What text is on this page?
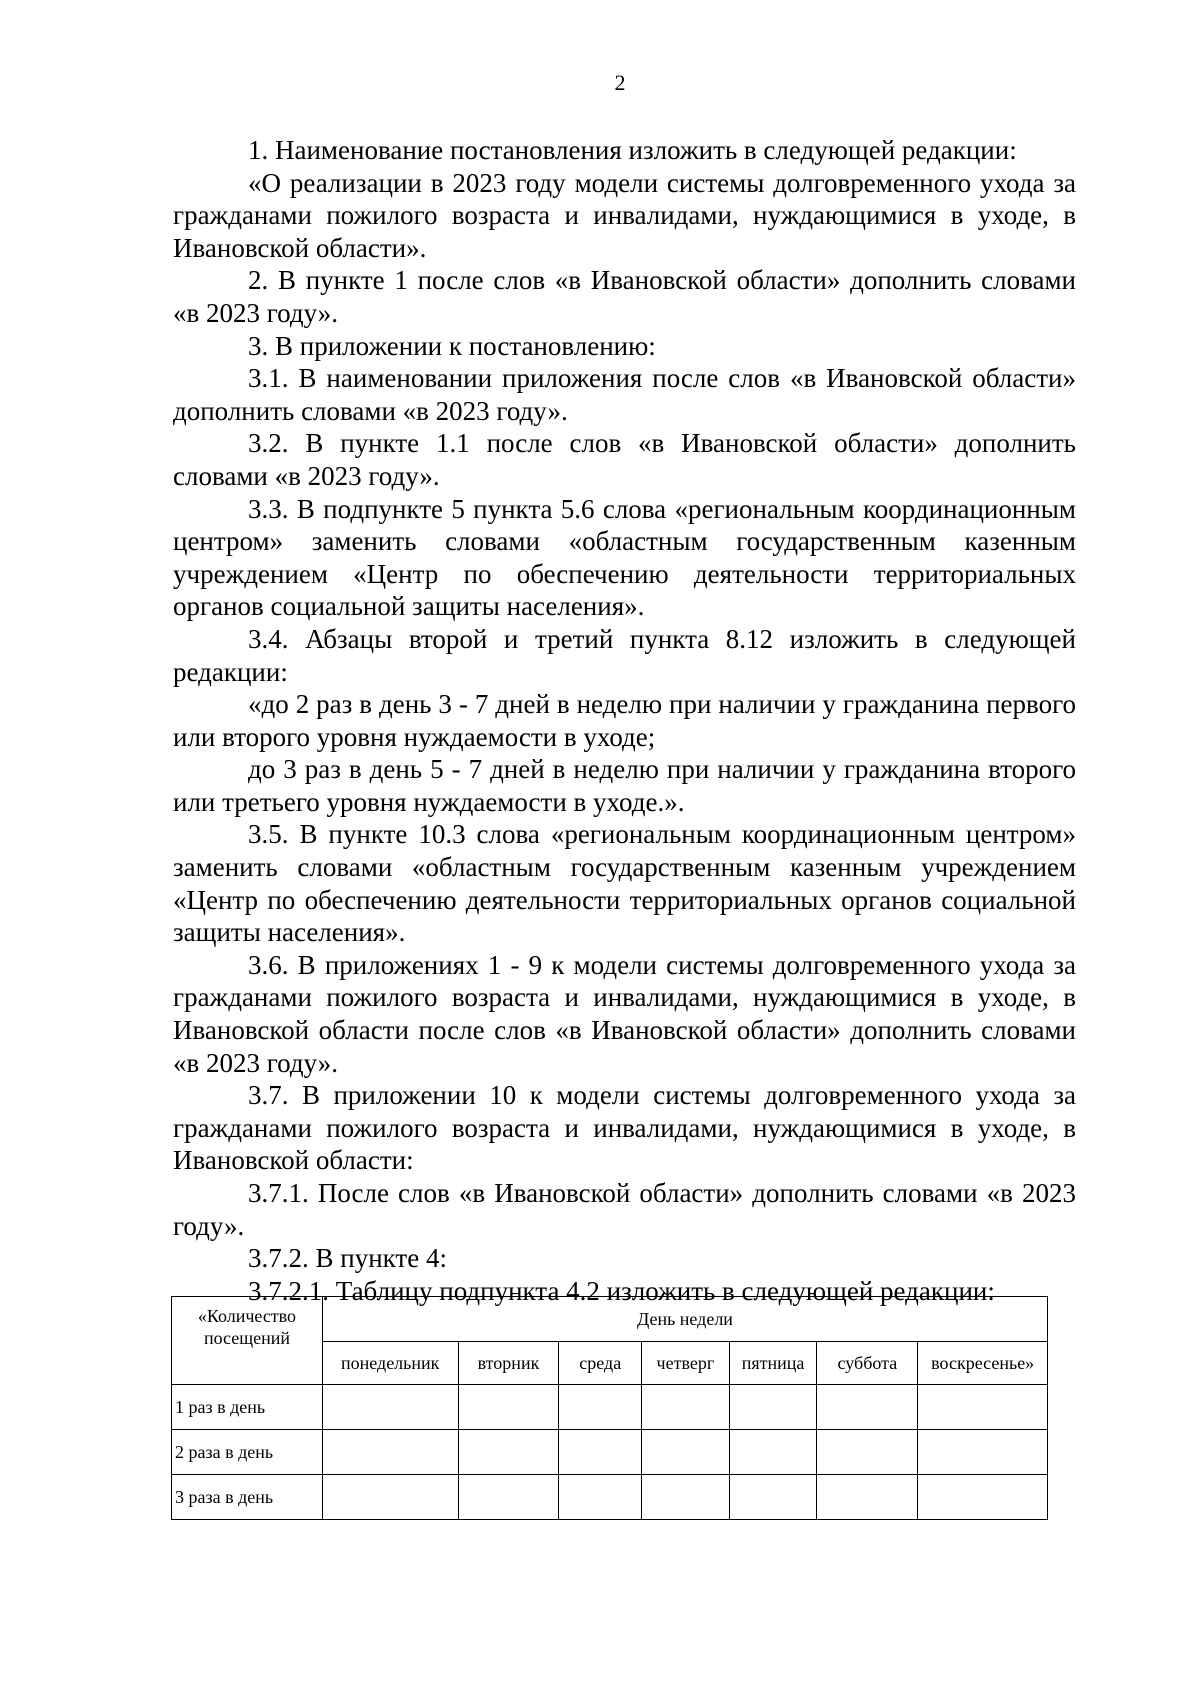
2

1. Наименование постановления изложить в следующей редакции:

«О реализации в 2023 году модели системы долговременного ухода за гражданами пожилого возраста и инвалидами, нуждающимися в уходе, в Ивановской области».

2. В пункте 1 после слов «в Ивановской области» дополнить словами «в 2023 году».

3. В приложении к постановлению:

3.1. В наименовании приложения после слов «в Ивановской области» дополнить словами «в 2023 году».

3.2. В пункте 1.1 после слов «в Ивановской области» дополнить словами «в 2023 году».

3.3. В подпункте 5 пункта 5.6 слова «региональным координационным центром» заменить словами «областным государственным казенным учреждением «Центр по обеспечению деятельности территориальных органов социальной защиты населения».

3.4. Абзацы второй и третий пункта 8.12 изложить в следующей редакции:

«до 2 раз в день 3 - 7 дней в неделю при наличии у гражданина первого или второго уровня нуждаемости в уходе;

до 3 раз в день 5 - 7 дней в неделю при наличии у гражданина второго или третьего уровня нуждаемости в уходе.».

3.5. В пункте 10.3 слова «региональным координационным центром» заменить словами «областным государственным казенным учреждением «Центр по обеспечению деятельности территориальных органов социальной защиты населения».

3.6. В приложениях 1 - 9 к модели системы долговременного ухода за гражданами пожилого возраста и инвалидами, нуждающимися в уходе, в Ивановской области после слов «в Ивановской области» дополнить словами «в 2023 году».

3.7. В приложении 10 к модели системы долговременного ухода за гражданами пожилого возраста и инвалидами, нуждающимися в уходе, в Ивановской области:

3.7.1. После слов «в Ивановской области» дополнить словами «в 2023 году».

3.7.2. В пункте 4:

3.7.2.1. Таблицу подпункта 4.2 изложить в следующей редакции:

«Количество посещений	День недели						
	понедельник	вторник	среда	четверг	пятница	суббота	воскресенье»
1 раз в день							
2 раза в день							
3 раза в день							
